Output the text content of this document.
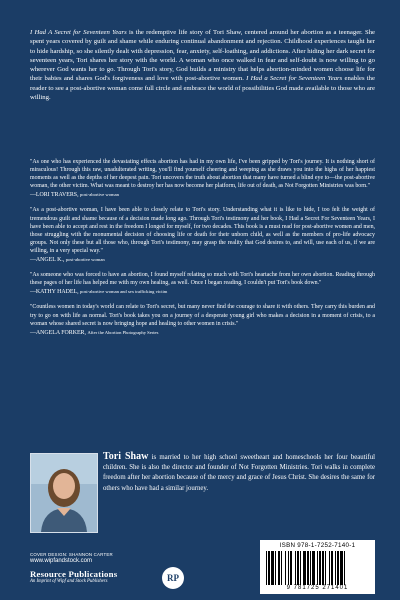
I Had A Secret for Seventeen Years is the redemptive life story of Tori Shaw, centered around her abortion as a teenager. She spent years covered by guilt and shame while enduring continual abandonment and rejection. Childhood experiences taught her to hide hardship, so she silently dealt with depression, fear, anxiety, self-loathing, and addictions. After hiding her dark secret for seventeen years, Tori shares her story with the world. A woman who once walked in fear and self-doubt is now willing to go wherever God wants her to go. Through Tori's story, God builds a ministry that helps abortion-minded women choose life for their babies and shares God's forgiveness and love with post-abortive women. I Had a Secret for Seventeen Years enables the reader to see a post-abortive woman come full circle and embrace the world of possibilities God made available to those who are willing.
"As one who has experienced the devastating effects abortion has had in my own life, I've been gripped by Tori's journey. It is nothing short of miraculous! Through this raw, unadulterated writing, you'll find yourself cheering and weeping as she draws you into the highs of her happiest moments as well as the depths of her deepest pain. Tori uncovers the truth about abortion that many have turned a blind eye to—the post-abortive woman, the other victim. What was meant to destroy her has now become her platform, life out of death, as Not Forgotten Ministries was born."
—LORI TRAVERS, post-abortive woman
"As a post-abortive woman, I have been able to closely relate to Tori's story. Understanding what it is like to hide, I too felt the weight of tremendous guilt and shame because of a decision made long ago. Through Tori's testimony and her book, I Had a Secret For Seventeen Years, I have been able to accept and rest in the freedom I longed for myself, for two decades. This book is a must read for post-abortive women and men, those struggling with the monumental decision of choosing life or death for their unborn child, as well as the members of pro-life advocacy groups. Not only these but all those who, through Tori's testimony, may grasp the reality that God desires to, and will, use each of us, if we are willing, in a very special way."
—ANGEL K., post-abortive woman
"As someone who was forced to have an abortion, I found myself relating so much with Tori's heartache from her own abortion. Reading through these pages of her life has helped me with my own healing, as well. Once I began reading, I couldn't put Tori's book down."
—KATHY HADEL, post-abortive woman and sex trafficking victim
"Countless women in today's world can relate to Tori's secret, but many never find the courage to share it with others. They carry this burden and try to go on with life as normal. Tori's book takes you on a journey of a desperate young girl who makes a decision in a moment of crisis, to a woman whose shared secret is now bringing hope and healing to other women in crisis."
—ANGELA FORKER, After the Abortion Photography Series
Tori Shaw is married to her high school sweetheart and homeschools her four beautiful children. She is also the director and founder of Not Forgotten Ministries. Tori walks in complete freedom after her abortion because of the mercy and grace of Jesus Christ. She desires the same for others who have had a similar journey.
COVER DESIGN: SHANNON CARTER
www.wipfandstock.com
Resource Publications
An Imprint of Wipf and Stock Publishers	RP
ISBN 978-1-7252-7140-1
9 781725 271401
